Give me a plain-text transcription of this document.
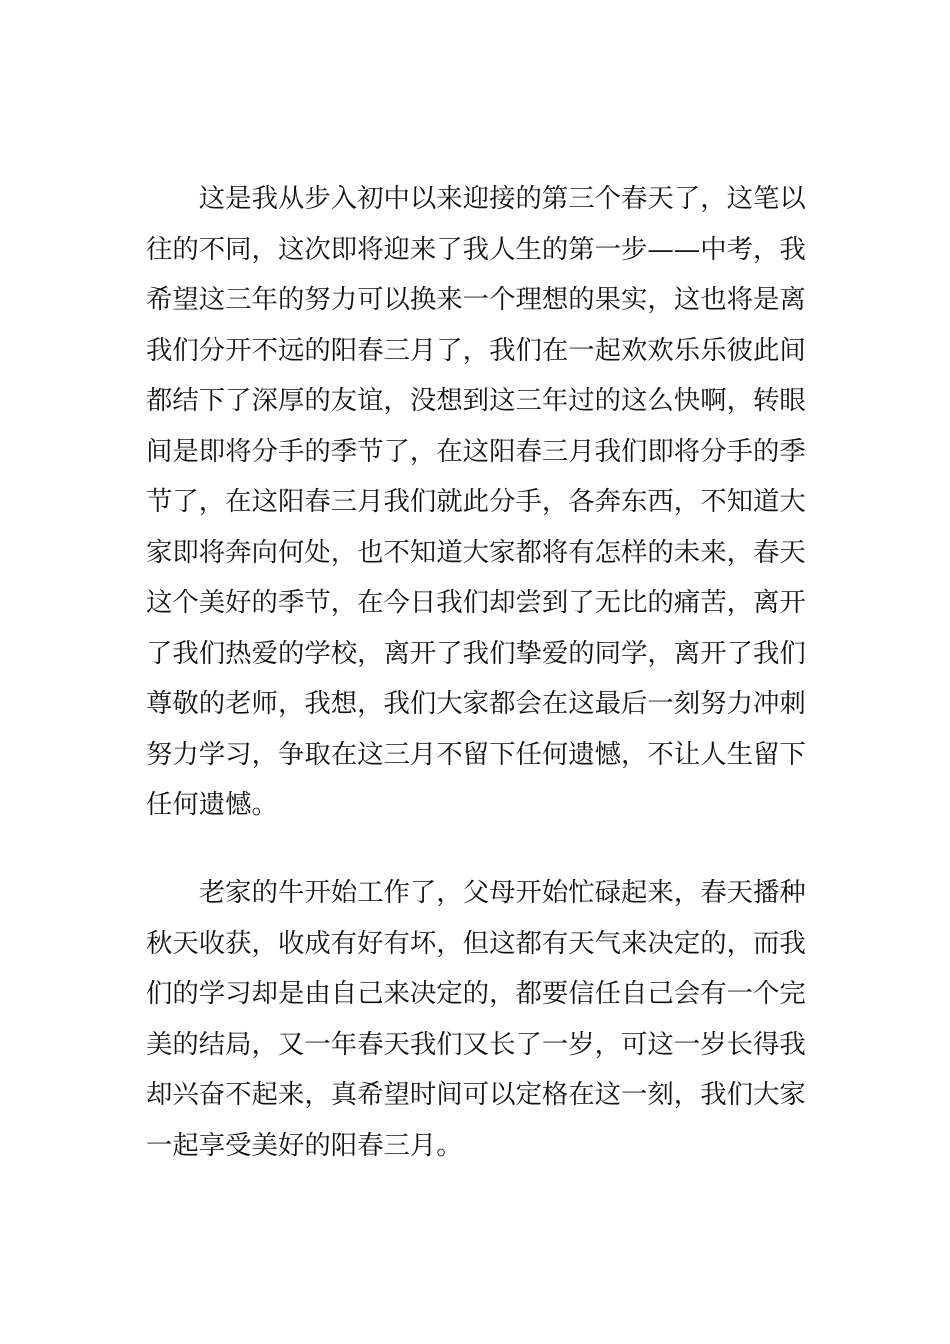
这是我从步入初中以来迎接的第三个春天了，这笔以
往的不同，这次即将迎来了我人生的第一步——中考，我
希望这三年的努力可以换来一个理想的果实，这也将是离
我们分开不远的阳春三月了，我们在一起欢欢乐乐彼此间
都结下了深厚的友谊，没想到这三年过的这么快啊，转眼
间是即将分手的季节了，在这阳春三月我们即将分手的季
节了，在这阳春三月我们就此分手，各奔东西，不知道大
家即将奔向何处，也不知道大家都将有怎样的未来，春天
这个美好的季节，在今日我们却尝到了无比的痛苦，离开
了我们热爱的学校，离开了我们挚爱的同学，离开了我们
尊敬的老师，我想，我们大家都会在这最后一刻努力冲刺
努力学习，争取在这三月不留下任何遗憾，不让人生留下
任何遗憾。
老家的牛开始工作了，父母开始忙碌起来，春天播种
秋天收获，收成有好有坏，但这都有天气来决定的，而我
们的学习却是由自己来决定的，都要信任自己会有一个完
美的结局，又一年春天我们又长了一岁，可这一岁长得我
却兴奋不起来，真希望时间可以定格在这一刻，我们大家
一起享受美好的阳春三月。
